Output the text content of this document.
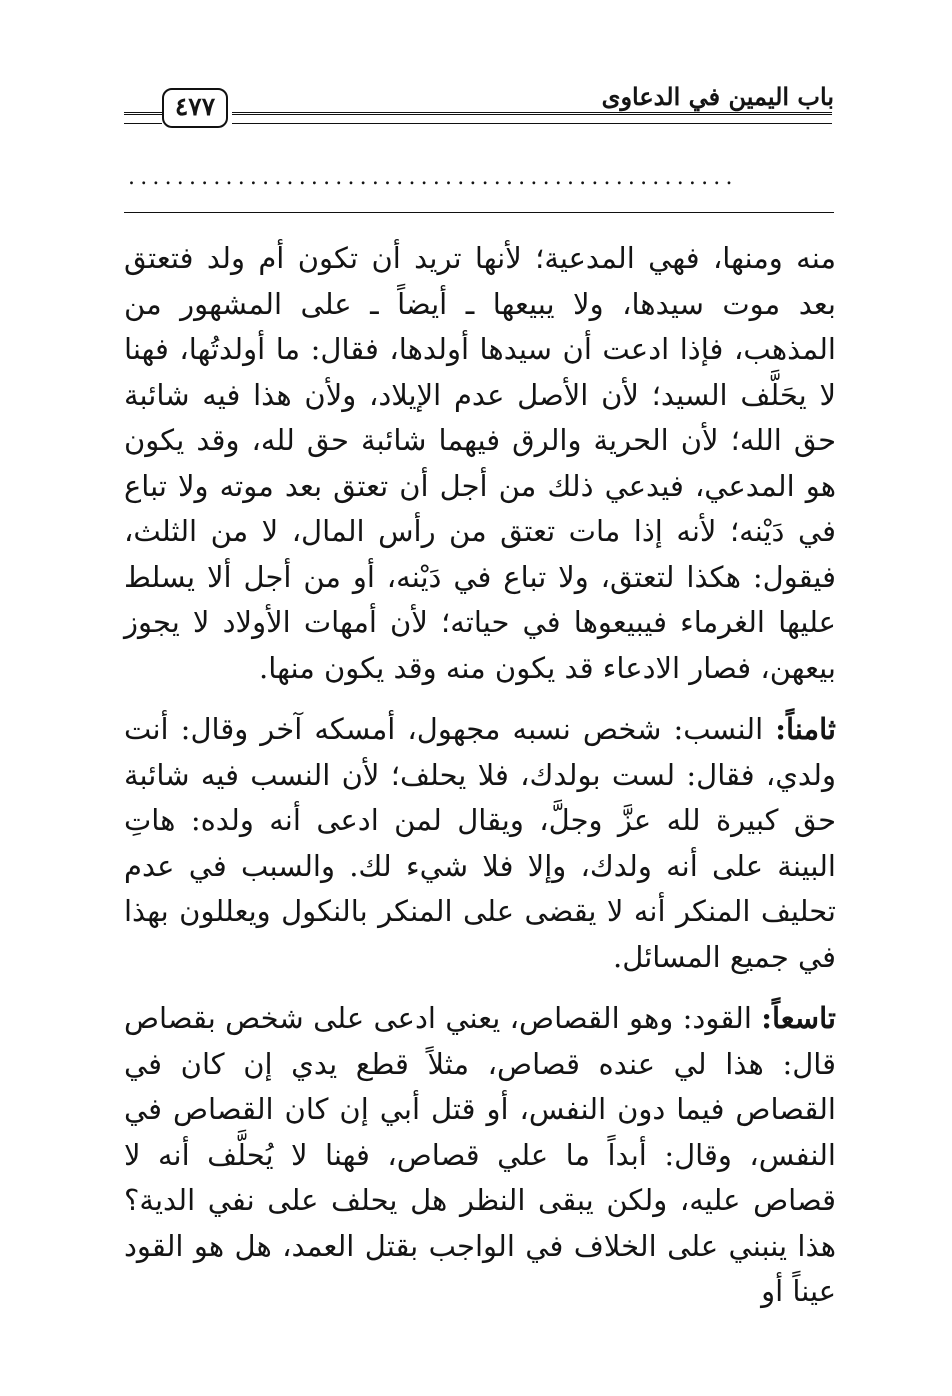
باب اليمين في الدعاوى
٤٧٧
..................................................

منه ومنها، فهي المدعية؛ لأنها تريد أن تكون أم ولد فتعتق بعد موت سيدها، ولا يبيعها ـ أيضاً ـ على المشهور من المذهب، فإذا ادعت أن سيدها أولدها، فقال: ما أولدتُها، فهنا لا يحَلَّف السيد؛ لأن الأصل عدم الإيلاد، ولأن هذا فيه شائبة حق الله؛ لأن الحرية والرق فيهما شائبة حق لله، وقد يكون هو المدعي، فيدعي ذلك من أجل أن تعتق بعد موته ولا تباع في دَيْنه؛ لأنه إذا مات تعتق من رأس المال، لا من الثلث، فيقول: هكذا لتعتق، ولا تباع في دَيْنه، أو من أجل ألا يسلط عليها الغرماء فيبيعوها في حياته؛ لأن أمهات الأولاد لا يجوز بيعهن، فصار الادعاء قد يكون منه وقد يكون منها.

ثامناً: النسب: شخص نسبه مجهول، أمسكه آخر وقال: أنت ولدي، فقال: لست بولدك، فلا يحلف؛ لأن النسب فيه شائبة حق كبيرة لله عزَّ وجلَّ، ويقال لمن ادعى أنه ولده: هاتِ البينة على أنه ولدك، وإلا فلا شيء لك. والسبب في عدم تحليف المنكر أنه لا يقضى على المنكر بالنكول ويعللون بهذا في جميع المسائل.

تاسعاً: القود: وهو القصاص، يعني ادعى على شخص بقصاص قال: هذا لي عنده قصاص، مثلاً قطع يدي إن كان في القصاص فيما دون النفس، أو قتل أبي إن كان القصاص في النفس، وقال: أبداً ما علي قصاص، فهنا لا يُحلَّف أنه لا قصاص عليه، ولكن يبقى النظر هل يحلف على نفي الدية؟ هذا ينبني على الخلاف في الواجب بقتل العمد، هل هو القود عيناً أو
